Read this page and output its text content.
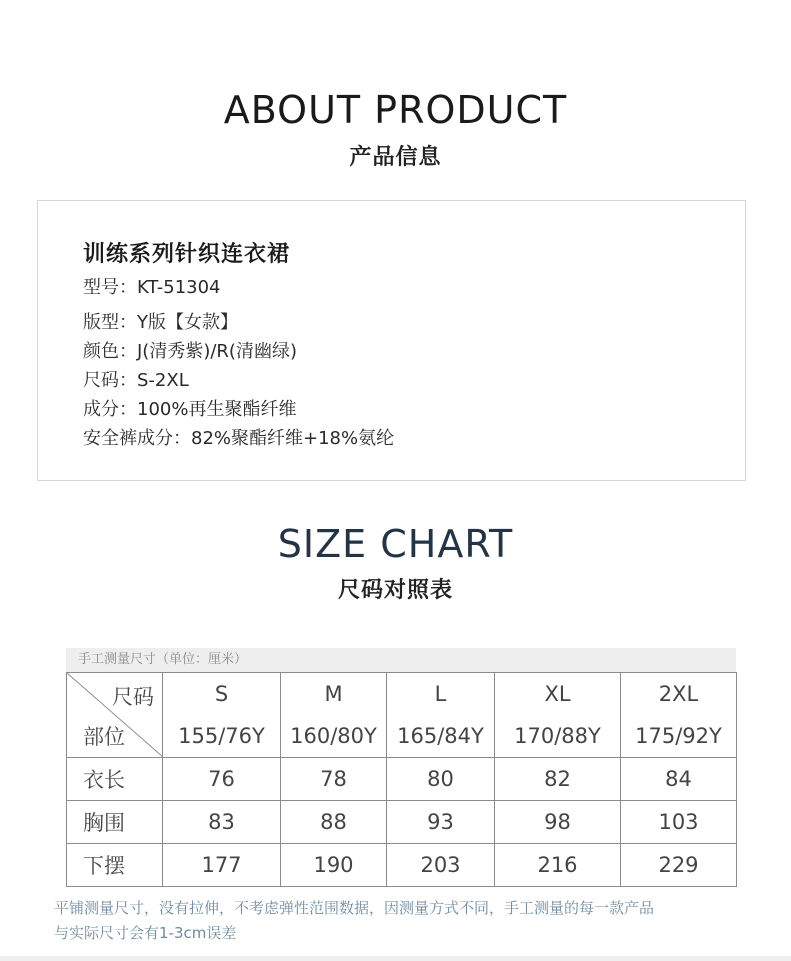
ABOUT PRODUCT
产品信息
训练系列针织连衣裙
型号：KT-51304
版型：Y版【女款】
颜色：J(清秀紫)/R(清幽绿)
尺码：S-2XL
成分：100%再生聚酯纤维
安全裤成分：82%聚酯纤维+18%氨纶
SIZE CHART
尺码对照表
手工测量尺寸（单位：厘米）
尺码
部位	S	M	L	XL	2XL
	155/76Y	160/80Y	165/84Y	170/88Y	175/92Y
衣长	76	78	80	82	84
胸围	83	88	93	98	103
下摆	177	190	203	216	229
平铺测量尺寸，没有拉伸，不考虑弹性范围数据，因测量方式不同，手工测量的每一款产品
与实际尺寸会有1-3cm误差
